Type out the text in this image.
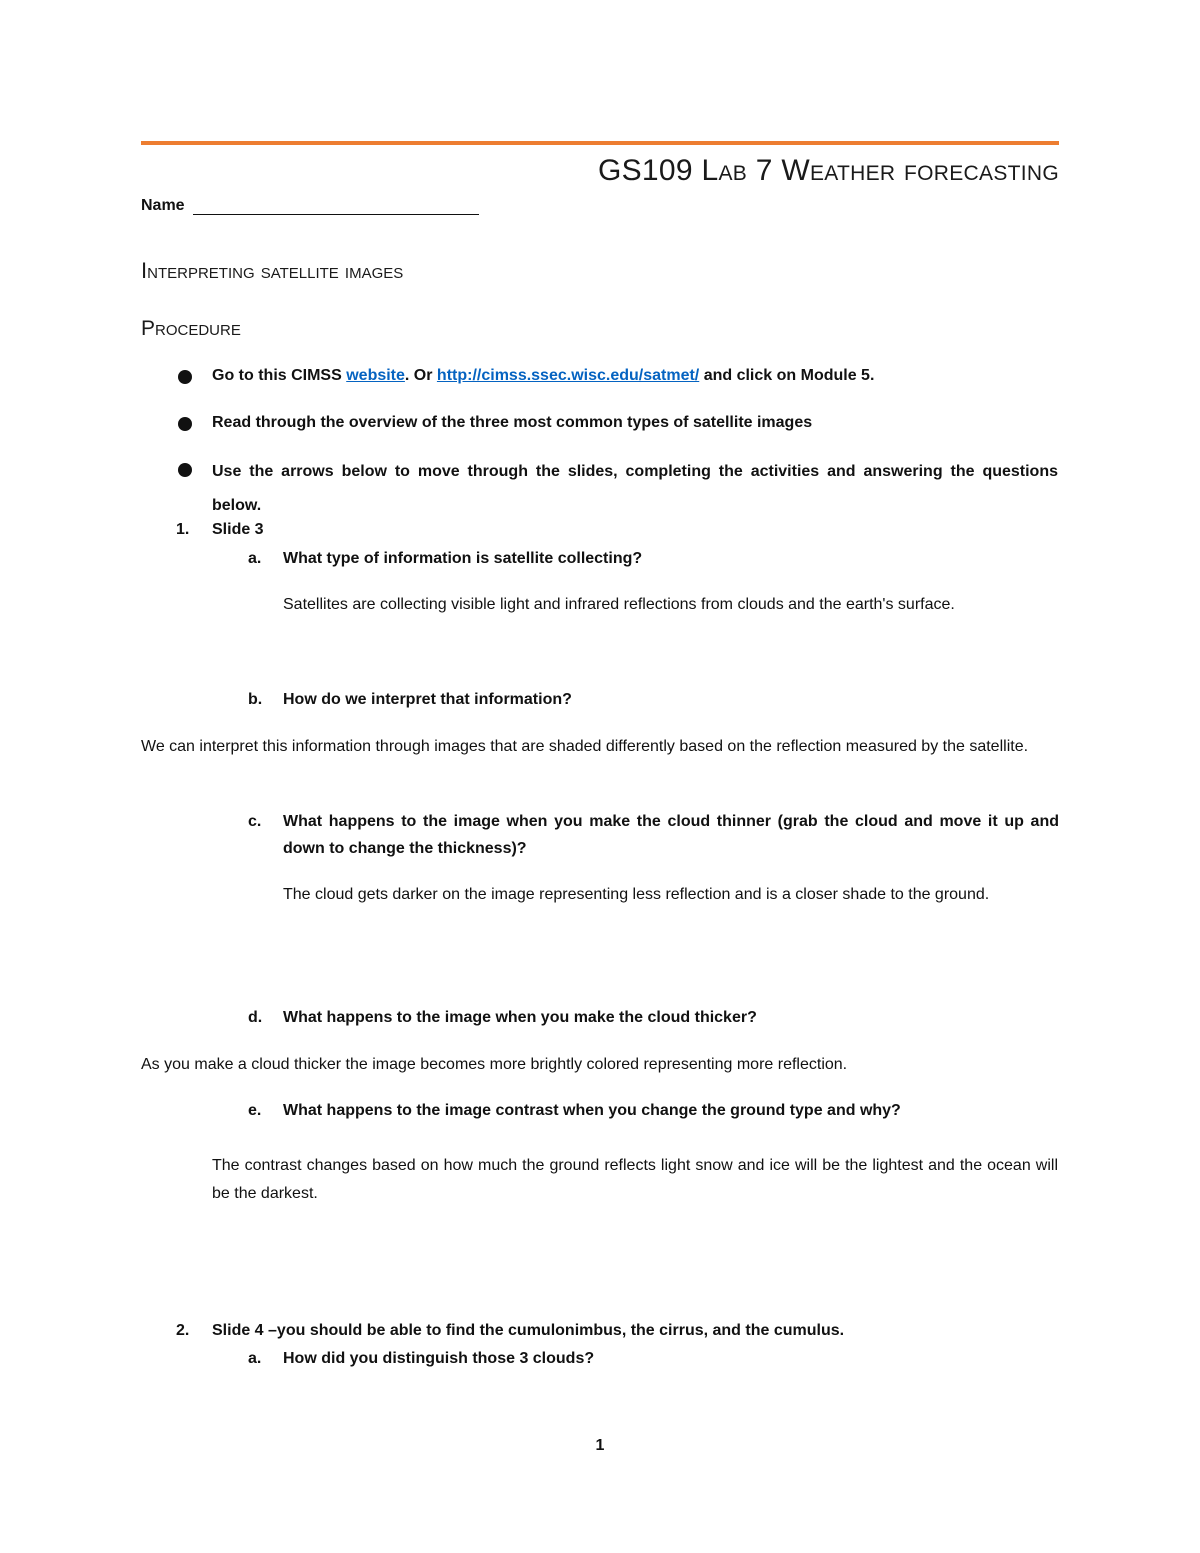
GS109 Lab 7 Weather forecasting
Name
Interpreting satellite images
Procedure
Go to this CIMSS website. Or http://cimss.ssec.wisc.edu/satmet/ and click on Module 5.
Read through the overview of the three most common types of satellite images
Use the arrows below to move through the slides, completing the activities and answering the questions below.
1. Slide 3
a. What type of information is satellite collecting?
Satellites are collecting visible light and infrared reflections from clouds and the earth's surface.
b. How do we interpret that information?
We can interpret this information through images that are shaded differently based on the reflection measured by the satellite.
c. What happens to the image when you make the cloud thinner (grab the cloud and move it up and down to change the thickness)?
The cloud gets darker on the image representing less reflection and is a closer shade to the ground.
d. What happens to the image when you make the cloud thicker?
As you make a cloud thicker the image becomes more brightly colored representing more reflection.
e. What happens to the image contrast when you change the ground type and why?
The contrast changes based on how much the ground reflects light snow and ice will be the lightest and the ocean will be the darkest.
2. Slide 4 –you should be able to find the cumulonimbus, the cirrus, and the cumulus.
a. How did you distinguish those 3 clouds?
1
